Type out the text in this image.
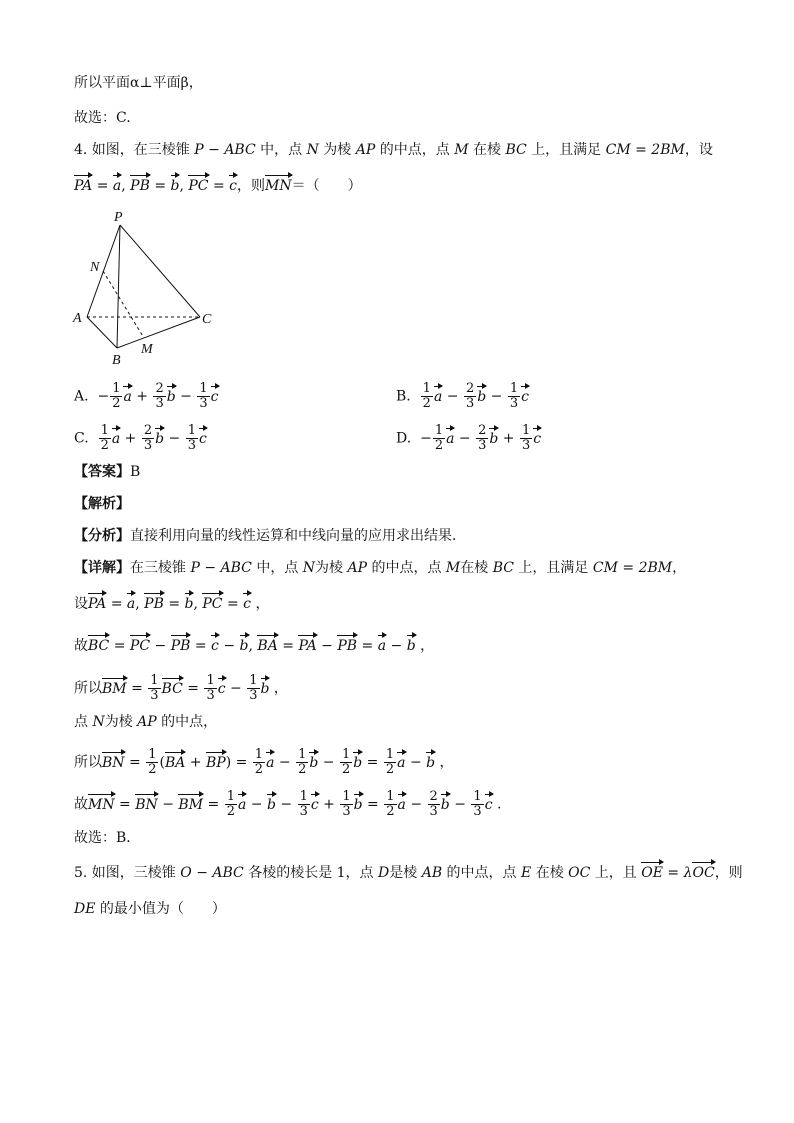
所以平面α⊥平面β，
故选：C.
4. 如图，在三棱锥 P − ABC 中，点 N 为棱 AP 的中点，点 M 在棱 BC 上，且满足 CM = 2BM，设
PA = a, PB = b, PC = c，则MN＝（　　）
P
N
A	C
B
M
A.  − $\frac{1}{2}$ $a + \frac{2}{3}$ $b - \frac{1}{3}$ c	B. $\frac{1}{2}$ $a - \frac{2}{3}$ $b - \frac{1}{3}$ c
C. $\frac{1}{2}$ $a + \frac{2}{3}$ $b - \frac{1}{3}$ c	D.  − $\frac{1}{2}$ $a - \frac{2}{3}$ $b + \frac{1}{3}$ c
【答案】B
【解析】
【分析】直接利用向量的线性运算和中线向量的应用求出结果．
【详解】在三棱锥 P − ABC 中，点 N为棱 AP 的中点，点 M在棱 BC 上，且满足 CM = 2BM，
设PA = a, PB = b, PC = c ，
故BC = PC − PB = c − b, BA = PA − PB = a − b ，
所以BM = $\frac{1}{3}$ BC = $\frac{1}{3}$ $c - \frac{1}{3}$ b ，
点 N为棱 AP 的中点，
所以BN = $\frac{1}{2} (BA + BP) = \frac{1}{2}$ $a - \frac{1}{2}$ $b - \frac{1}{2}$ $b = \frac{1}{2}$ a − b ，
故MN = BN − BM = $\frac{1}{2}$ $a - b - \frac{1}{3}$ $c + \frac{1}{3}$ $b = \frac{1}{2}$ $a - \frac{2}{3}$ $b - \frac{1}{3}$ c .
故选：B．
5. 如图，三棱锥 O − ABC 各棱的棱长是 1，点 D是棱 AB 的中点，点 E 在棱 OC 上，且 OE = λOC，则
DE 的最小值为（　　）
